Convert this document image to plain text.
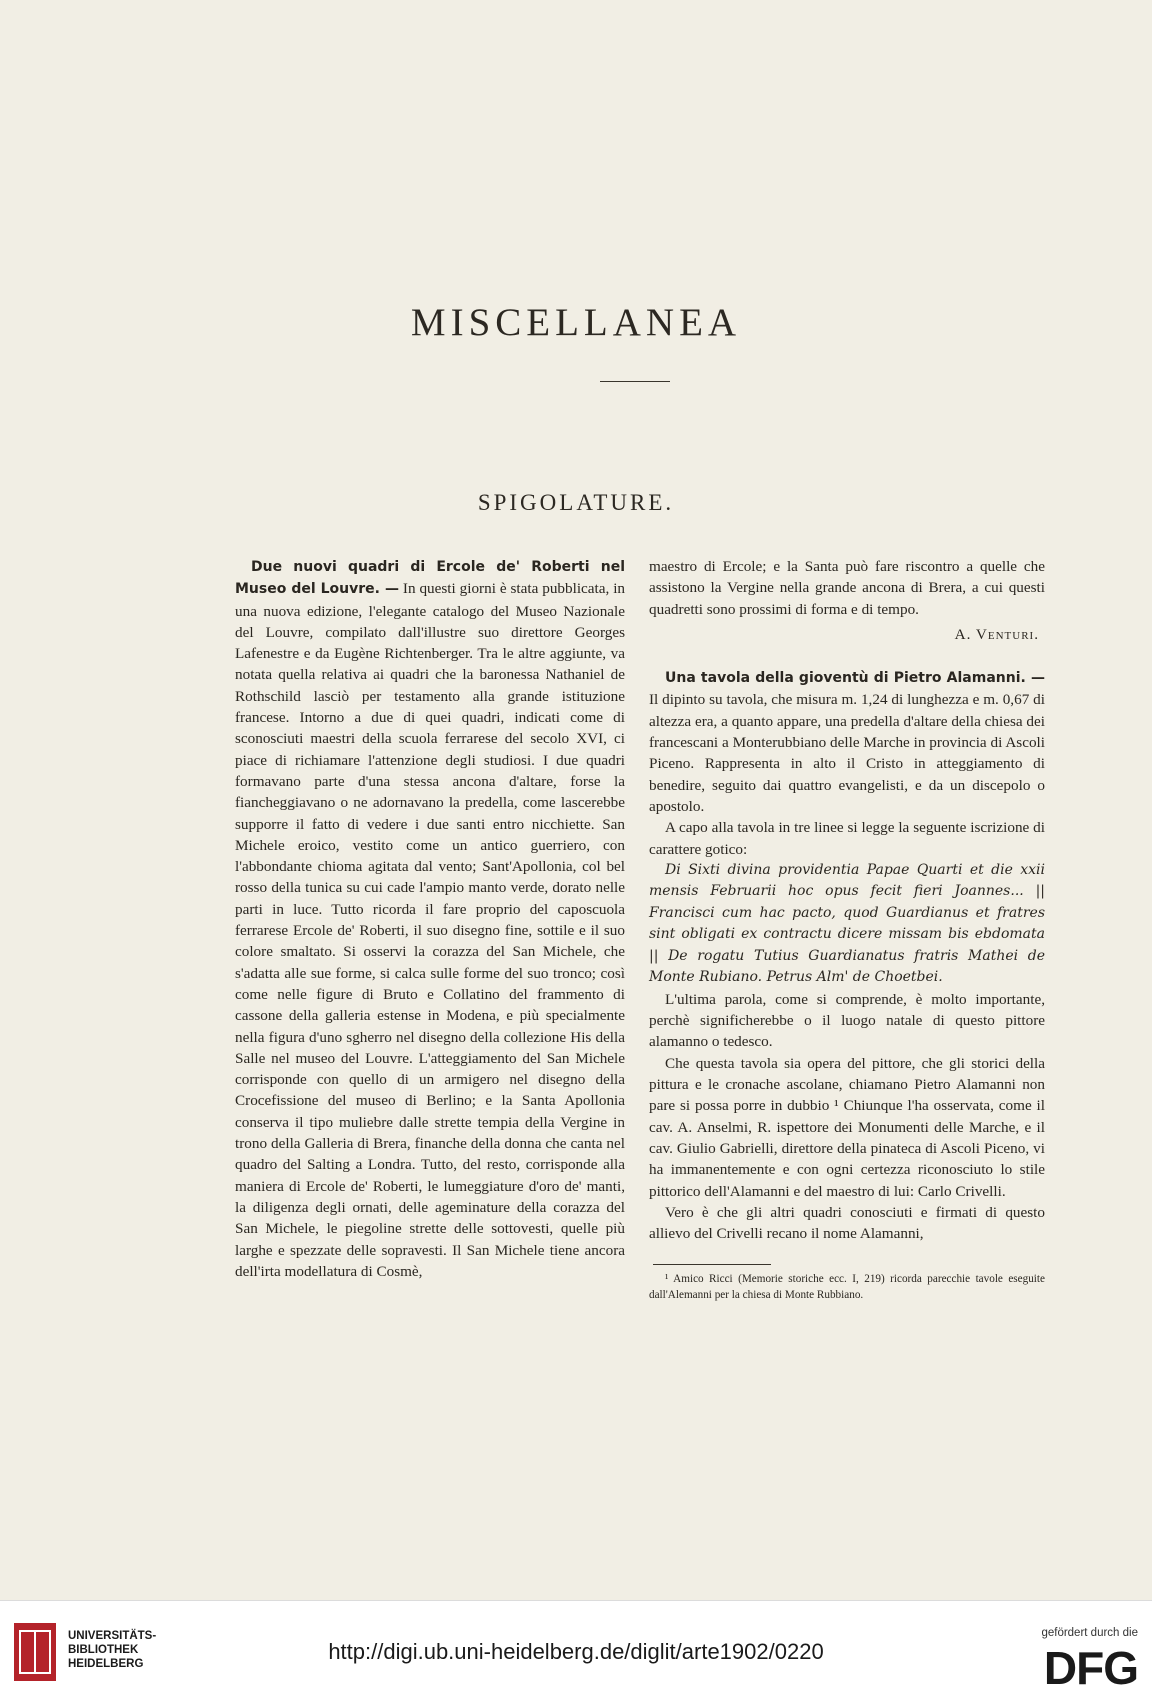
MISCELLANEA
SPIGOLATURE.

Due nuovi quadri di Ercole de' Roberti nel Museo del Louvre. — In questi giorni è stata pubblicata, in una nuova edizione, l'elegante catalogo del Museo Nazionale del Louvre, compilato dall'illustre suo direttore Georges Lafenestre e da Eugène Richtenberger. Tra le altre aggiunte, va notata quella relativa ai quadri che la baronessa Nathaniel de Rothschild lasciò per testamento alla grande istituzione francese. Intorno a due di quei quadri, indicati come di sconosciuti maestri della scuola ferrarese del secolo XVI, ci piace di richiamare l'attenzione degli studiosi. I due quadri formavano parte d'una stessa ancona d'altare, forse la fiancheggiavano o ne adornavano la predella, come lascerebbe supporre il fatto di vedere i due santi entro nicchiette. San Michele eroico, vestito come un antico guerriero, con l'abbondante chioma agitata dal vento; Sant'Apollonia, col bel rosso della tunica su cui cade l'ampio manto verde, dorato nelle parti in luce. Tutto ricorda il fare proprio del caposcuola ferrarese Ercole de' Roberti, il suo disegno fine, sottile e il suo colore smaltato. Si osservi la corazza del San Michele, che s'adatta alle sue forme, si calca sulle forme del suo tronco; così come nelle figure di Bruto e Collatino del frammento di cassone della galleria estense in Modena, e più specialmente nella figura d'uno sgherro nel disegno della collezione His della Salle nel museo del Louvre. L'atteggiamento del San Michele corrisponde con quello di un armigero nel disegno della Crocefissione del museo di Berlino; e la Santa Apollonia conserva il tipo muliebre dalle strette tempia della Vergine in trono della Galleria di Brera, finanche della donna che canta nel quadro del Salting a Londra. Tutto, del resto, corrisponde alla maniera di Ercole de' Roberti, le lumeggiature d'oro de' manti, la diligenza degli ornati, delle ageminature della corazza del San Michele, le piegoline strette delle sottovesti, quelle più larghe e spezzate delle sopravesti. Il San Michele tiene ancora dell'irta modellatura di Cosmè,

maestro di Ercole; e la Santa può fare riscontro a quelle che assistono la Vergine nella grande ancona di Brera, a cui questi quadretti sono prossimi di forma e di tempo.

A. Venturi.

Una tavola della gioventù di Pietro Alamanni. — Il dipinto su tavola, che misura m. 1,24 di lunghezza e m. 0,67 di altezza era, a quanto appare, una predella d'altare della chiesa dei francescani a Monterubbiano delle Marche in provincia di Ascoli Piceno. Rappresenta in alto il Cristo in atteggiamento di benedire, seguito dai quattro evangelisti, e da un discepolo o apostolo.

A capo alla tavola in tre linee si legge la seguente iscrizione di carattere gotico:

Di Sixti divina providentia Papae Quarti et die xxii mensis Februarii hoc opus fecit fieri Joannes... || Francisci cum hac pacto, quod Guardianus et fratres sint obligati ex contractu dicere missam bis ebdomata || De rogatu Tutius Guardianatus fratris Mathei de Monte Rubiano. Petrus Alm' de Choetbei.

L'ultima parola, come si comprende, è molto importante, perchè significherebbe o il luogo natale di questo pittore alamanno o tedesco.

Che questa tavola sia opera del pittore, che gli storici della pittura e le cronache ascolane, chiamano Pietro Alamanni non pare si possa porre in dubbio ¹ Chiunque l'ha osservata, come il cav. A. Anselmi, R. ispettore dei Monumenti delle Marche, e il cav. Giulio Gabrielli, direttore della pinateca di Ascoli Piceno, vi ha immanentemente e con ogni certezza riconosciuto lo stile pittorico dell'Alamanni e del maestro di lui: Carlo Crivelli.

Vero è che gli altri quadri conosciuti e firmati di questo allievo del Crivelli recano il nome Alamanni,

¹ Amico Ricci (Memorie storiche ecc. I, 219) ricorda parecchie tavole eseguite dall'Alemanni per la chiesa di Monte Rubbiano.

UNIVERSITÄTS-
BIBLIOTHEK
HEIDELBERG	http://digi.ub.uni-heidelberg.de/diglit/arte1902/0220
gefördert durch die
DFG
